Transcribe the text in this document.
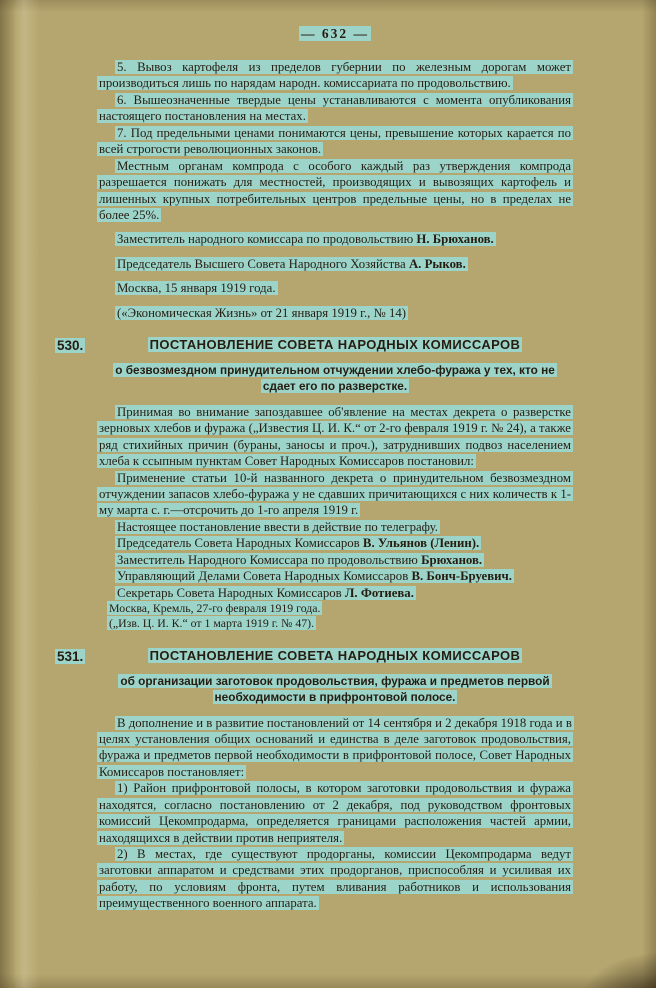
— 632 —

5. Вывоз картофеля из пределов губернии по железным дорогам может производиться лишь по нарядам народн. комиссариата по продовольствию.

6. Вышеозначенные твердые цены устанавливаются с момента опубликования настоящего постановления на местах.

7. Под предельными ценами понимаются цены, превышение которых карается по всей строгости революционных законов.

Местным органам компрода с особого каждый раз утверждения компрода разрешается понижать для местностей, производящих и вывозящих картофель и лишенных крупных потребительных центров предельные цены, но в пределах не более 25%.

Заместитель народного комиссара по продовольствию Н. Брюханов.

Председатель Высшего Совета Народного Хозяйства А. Рыков.

Москва, 15 января 1919 года.

(«Экономическая Жизнь» от 21 января 1919 г., № 14)

530.	ПОСТАНОВЛЕНИЕ СОВЕТА НАРОДНЫХ КОМИССАРОВ
о безвозмездном принудительном отчуждении хлебо-фуража у тех, кто не сдает его по разверстке.

Принимая во внимание запоздавшее об'явление на местах декрета о разверстке зерновых хлебов и фуража („Известия Ц. И. К.“ от 2-го февраля 1919 г. № 24), а также ряд стихийных причин (бураны, заносы и проч.), затруднивших подвоз населением хлеба к ссыпным пунктам Совет Народных Комиссаров постановил:

Применение статьи 10-й названного декрета о принудительном безвозмездном отчуждении запасов хлебо-фуража у не сдавших причитающихся с них количеств к 1-му марта с. г.—отсрочить до 1-го апреля 1919 г.

Настоящее постановление ввести в действие по телеграфу.

Председатель Совета Народных Комиссаров В. Ульянов (Ленин).

Заместитель Народного Комиссара по продовольствию Брюханов.

Управляющий Делами Совета Народных Комиссаров В. Бонч-Бруевич.

Секретарь Совета Народных Комиссаров Л. Фотиева.

Москва, Кремль, 27-го февраля 1919 года.

(„Изв. Ц. И. К.“ от 1 марта 1919 г. № 47).

531.	ПОСТАНОВЛЕНИЕ СОВЕТА НАРОДНЫХ КОМИССАРОВ
об организации заготовок продовольствия, фуража и предметов первой необходимости в прифронтовой полосе.

В дополнение и в развитие постановлений от 14 сентября и 2 декабря 1918 года и в целях установления общих оснований и единства в деле заготовок продовольствия, фуража и предметов первой необходимости в прифронтовой полосе, Совет Народных Комиссаров постановляет:

1) Район прифронтовой полосы, в котором заготовки продовольствия и фуража находятся, согласно постановлению от 2 декабря, под руководством фронтовых комиссий Цекомпродарма, определяется границами расположения частей армии, находящихся в действии против неприятеля.

2) В местах, где существуют продорганы, комиссии Цекомпродарма ведут заготовки аппаратом и средствами этих продорганов, приспособляя и усиливая их работу, по условиям фронта, путем вливания работников и использования преимущественного военного аппарата.
